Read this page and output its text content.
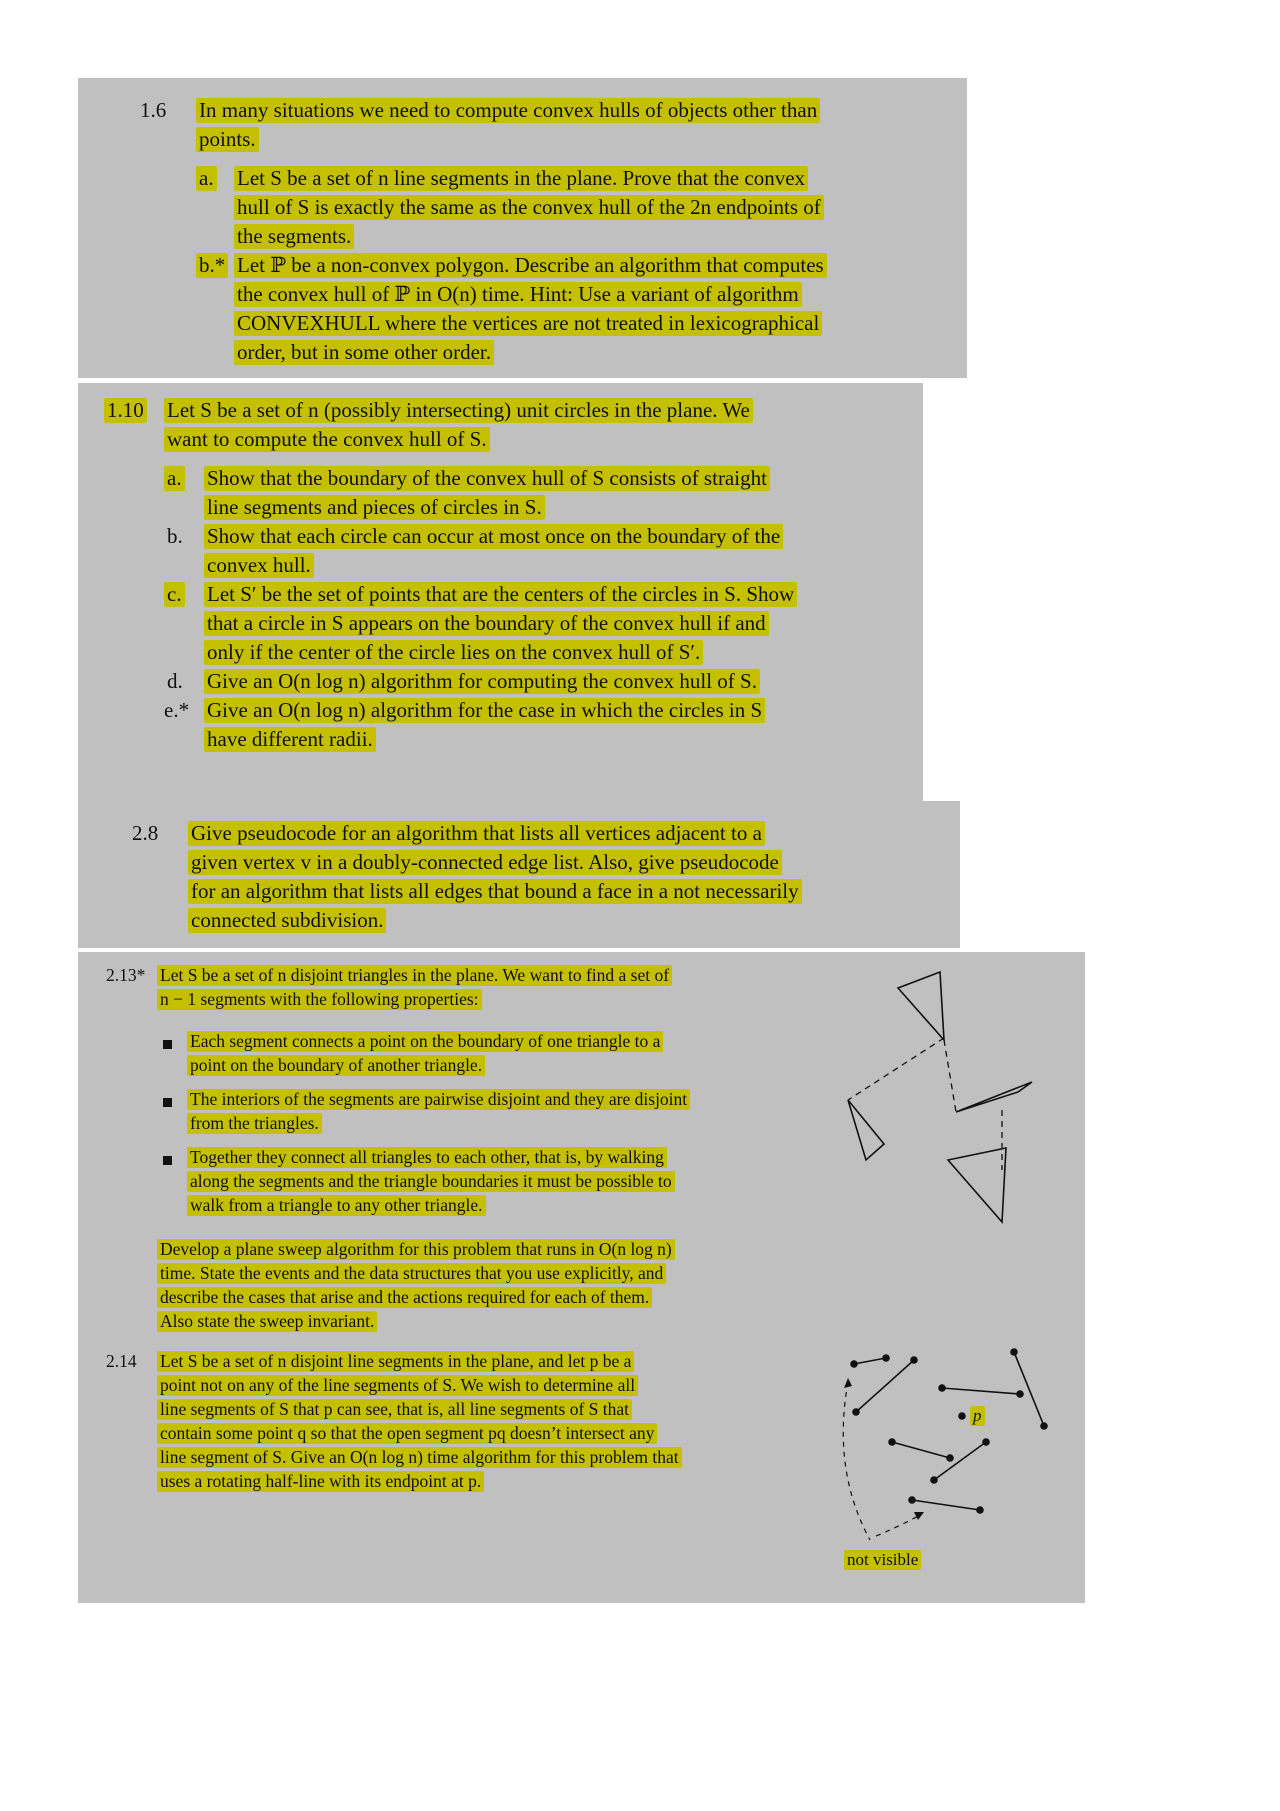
1.6 In many situations we need to compute convex hulls of objects other than
points.
a. Let S be a set of n line segments in the plane. Prove that the convex
hull of S is exactly the same as the convex hull of the 2n endpoints of
the segments.
b.* Let ℙ be a non-convex polygon. Describe an algorithm that computes
the convex hull of ℙ in O(n) time. Hint: Use a variant of algorithm
CONVEXHULL where the vertices are not treated in lexicographical
order, but in some other order.
1.10 Let S be a set of n (possibly intersecting) unit circles in the plane. We
want to compute the convex hull of S.
a. Show that the boundary of the convex hull of S consists of straight
line segments and pieces of circles in S.
b. Show that each circle can occur at most once on the boundary of the
convex hull.
c. Let S′ be the set of points that are the centers of the circles in S. Show
that a circle in S appears on the boundary of the convex hull if and
only if the center of the circle lies on the convex hull of S′.
d. Give an O(n log n) algorithm for computing the convex hull of S.
e.* Give an O(n log n) algorithm for the case in which the circles in S
have different radii.
2.8 Give pseudocode for an algorithm that lists all vertices adjacent to a
given vertex v in a doubly-connected edge list. Also, give pseudocode
for an algorithm that lists all edges that bound a face in a not necessarily
connected subdivision.
2.13* Let S be a set of n disjoint triangles in the plane. We want to find a set of
n − 1 segments with the following properties:
Each segment connects a point on the boundary of one triangle to a
point on the boundary of another triangle.
The interiors of the segments are pairwise disjoint and they are disjoint
from the triangles.
Together they connect all triangles to each other, that is, by walking
along the segments and the triangle boundaries it must be possible to
walk from a triangle to any other triangle.
Develop a plane sweep algorithm for this problem that runs in O(n log n)
time. State the events and the data structures that you use explicitly, and
describe the cases that arise and the actions required for each of them.
Also state the sweep invariant.
2.14 Let S be a set of n disjoint line segments in the plane, and let p be a
point not on any of the line segments of S. We wish to determine all
line segments of S that p can see, that is, all line segments of S that
contain some point q so that the open segment pq doesn’t intersect any
line segment of S. Give an O(n log n) time algorithm for this problem that
uses a rotating half-line with its endpoint at p.
p
not visible
